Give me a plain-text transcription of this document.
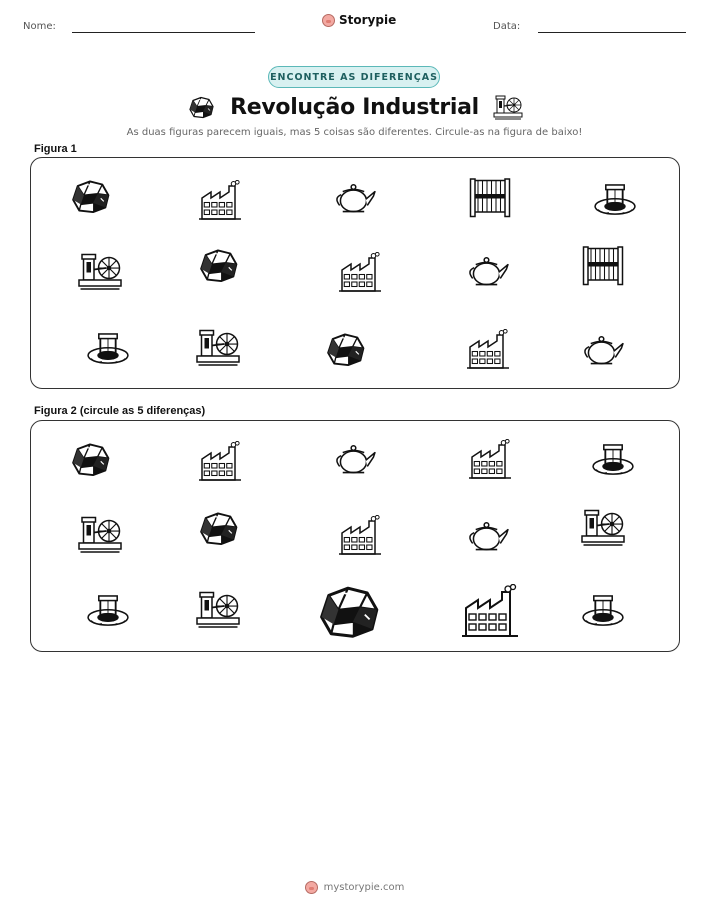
Nome:	Storypie	Data:
ENCONTRE AS DIFERENÇAS
Revolução Industrial
As duas figuras parecem iguais, mas 5 coisas são diferentes. Circule-as na figura de baixo!
Figura 1
Figura 2 (circule as 5 diferenças)
mystorypie.com
